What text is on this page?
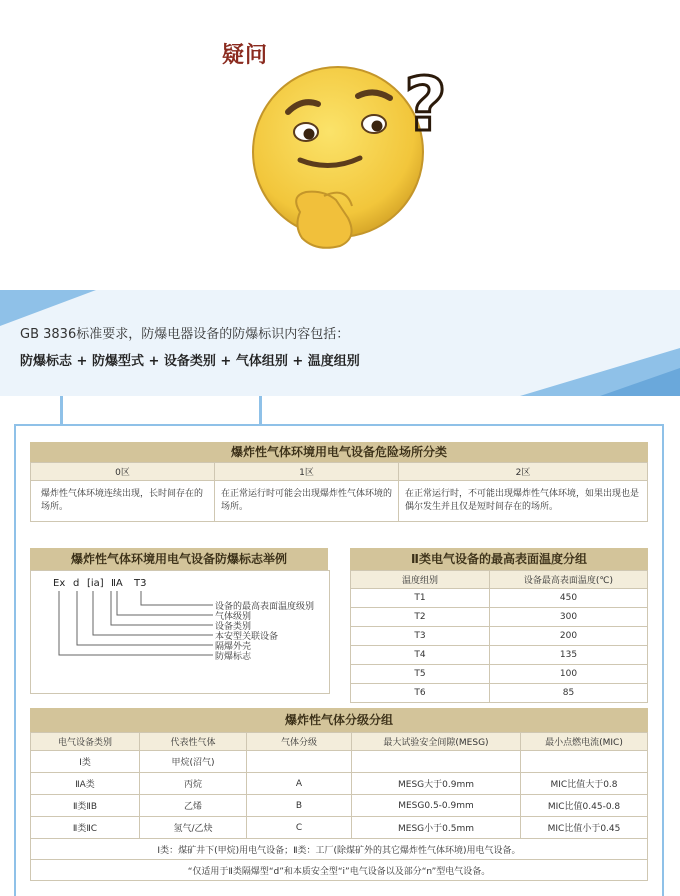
?
疑问
GB 3836标准要求，防爆电器设备的防爆标识内容包括：
防爆标志 + 防爆型式 + 设备类别 + 气体组别 + 温度组别
爆炸性气体环境用电气设备危险场所分类
0区	1区	2区
爆炸性气体环境连续出现，长时间存在的场所。	在正常运行时可能会出现爆炸性气体环境的场所。	在正常运行时，不可能出现爆炸性气体环境，如果出现也是偶尔发生并且仅是短时间存在的场所。
爆炸性气体环境用电气设备防爆标志举例
Ex d [ia] ⅡA T3
设备的最高表面温度级别
气体级别
设备类别
本安型关联设备
隔爆外壳
防爆标志
Ⅱ类电气设备的最高表面温度分组
温度组别	设备最高表面温度(℃)
T1	450
T2	300
T3	200
T4	135
T5	100
T6	85
爆炸性气体分级分组
电气设备类别	代表性气体	气体分级	最大试验安全间隙(MESG)	最小点燃电流(MIC)
Ⅰ类	甲烷(沼气)			
ⅡA类	丙烷	A	MESG大于0.9mm	MIC比值大于0.8
Ⅱ类ⅡB	乙烯	B	MESG0.5-0.9mm	MIC比值0.45-0.8
Ⅱ类ⅡC	氢气/乙炔	C	MESG小于0.5mm	MIC比值小于0.45
Ⅰ类：煤矿井下(甲烷)用电气设备；Ⅱ类：工厂(除煤矿外的其它爆炸性气体环境)用电气设备。				
“仅适用于Ⅱ类隔爆型“d”和本质安全型“i”电气设备以及部分“n”型电气设备。				
